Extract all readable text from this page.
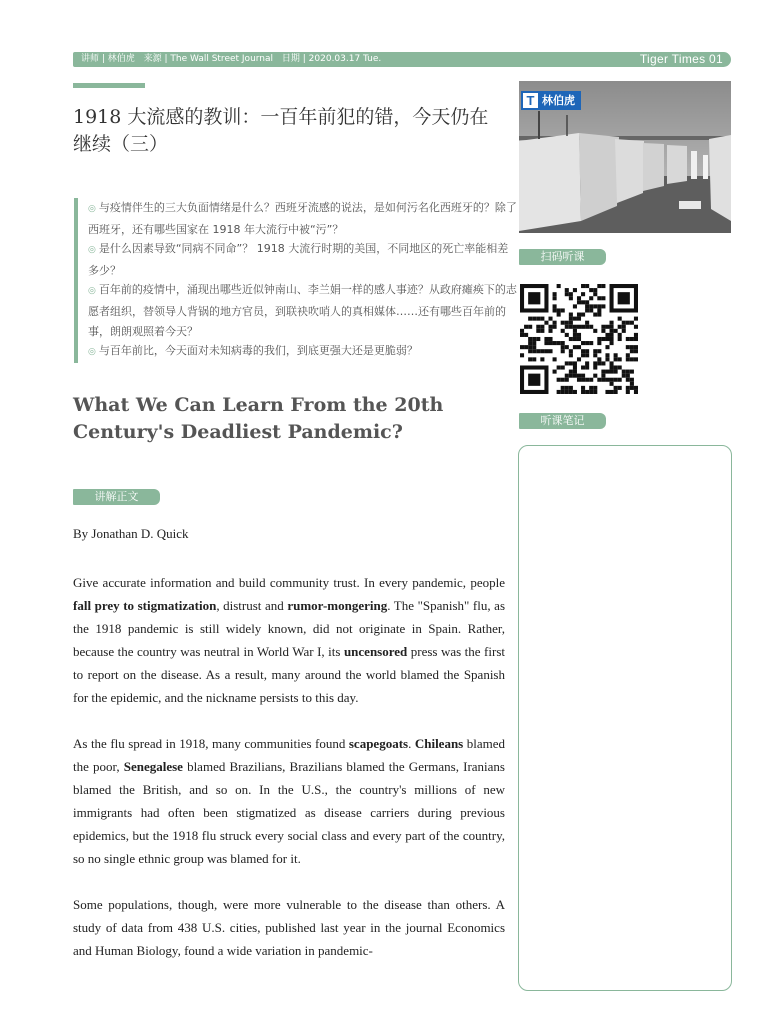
讲师 | 林伯虎 来源 | The Wall Street Journal 日期 | 2020.03.17 Tue.	Tiger Times 01
1918 大流感的教训：一百年前犯的错，今天仍在继续（三）

◎ 与疫情伴生的三大负面情绪是什么？西班牙流感的说法，是如何污名化西班牙的？除了西班牙，还有哪些国家在 1918 年大流行中被“污”？

◎ 是什么因素导致“同病不同命”？ 1918 大流行时期的美国，不同地区的死亡率能相差多少？

◎ 百年前的疫情中，涌现出哪些近似钟南山、李兰娟一样的感人事迹？从政府瘫痪下的志愿者组织，替领导人背锅的地方官员，到联袂吹哨人的真相媒体……还有哪些百年前的事，朗朗观照着今天？

◎ 与百年前比，今天面对未知病毒的我们，到底更强大还是更脆弱？

What We Can Learn From the 20th Century's Deadliest Pandemic?
讲解正文

By Jonathan D. Quick

Give accurate information and build community trust. In every pandemic, people fall prey to stigmatization, distrust and rumor-mongering. The "Spanish" flu, as the 1918 pandemic is still widely known, did not originate in Spain. Rather, because the country was neutral in World War I, its uncensored press was the first to report on the disease. As a result, many around the world blamed the Spanish for the epidemic, and the nickname persists to this day.

As the flu spread in 1918, many communities found scapegoats. Chileans blamed the poor, Senegalese blamed Brazilians, Brazilians blamed the Germans, Iranians blamed the British, and so on. In the U.S., the country's millions of new immigrants had often been stigmatized as disease carriers during previous epidemics, but the 1918 flu struck every social class and every part of the country, so no single ethnic group was blamed for it.

Some populations, though, were more vulnerable to the disease than others. A study of data from 438 U.S. cities, published last year in the journal Economics and Human Biology, found a wide variation in pandemic-

T 林伯虎
扫码听课
听课笔记
